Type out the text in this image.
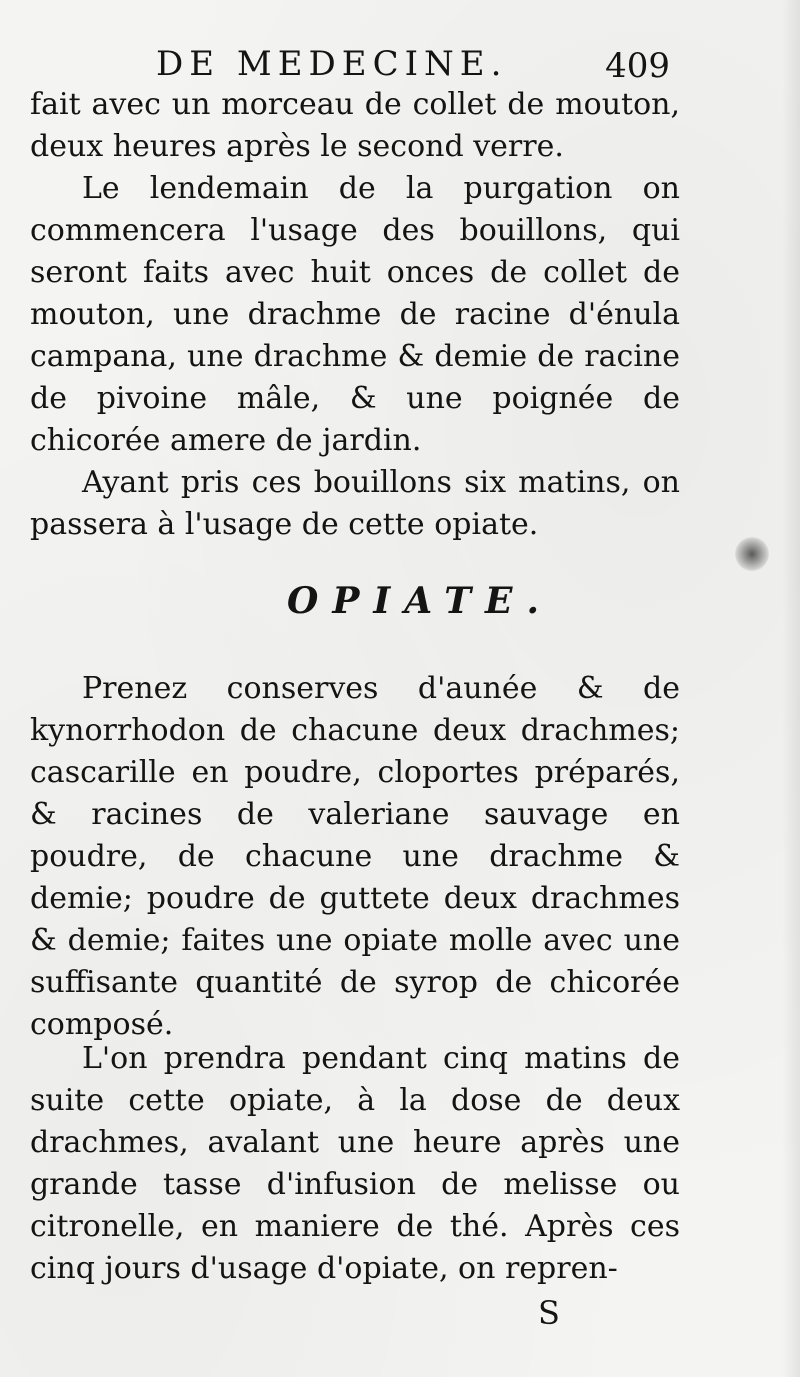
DE MEDECINE.	409

fait avec un morceau de collet de mouton, deux heures après le second verre.

Le lendemain de la purgation on commencera l'usage des bouillons, qui seront faits avec huit onces de collet de mouton, une drachme de racine d'énula campana, une drachme & demie de racine de pivoine mâle, & une poignée de chicorée amere de jardin.

Ayant pris ces bouillons six matins, on passera à l'usage de cette opiate.

OPIATE.

Prenez conserves d'aunée & de kynorrhodon de chacune deux drachmes; cascarille en poudre, cloportes préparés, & racines de valeriane sauvage en poudre, de chacune une drachme & demie; poudre de guttete deux drachmes & demie; faites une opiate molle avec une suffisante quantité de syrop de chicorée composé.

L'on prendra pendant cinq matins de suite cette opiate, à la dose de deux drachmes, avalant une heure après une grande tasse d'infusion de melisse ou citronelle, en maniere de thé. Après ces cinq jours d'usage d'opiate, on repren-

S
